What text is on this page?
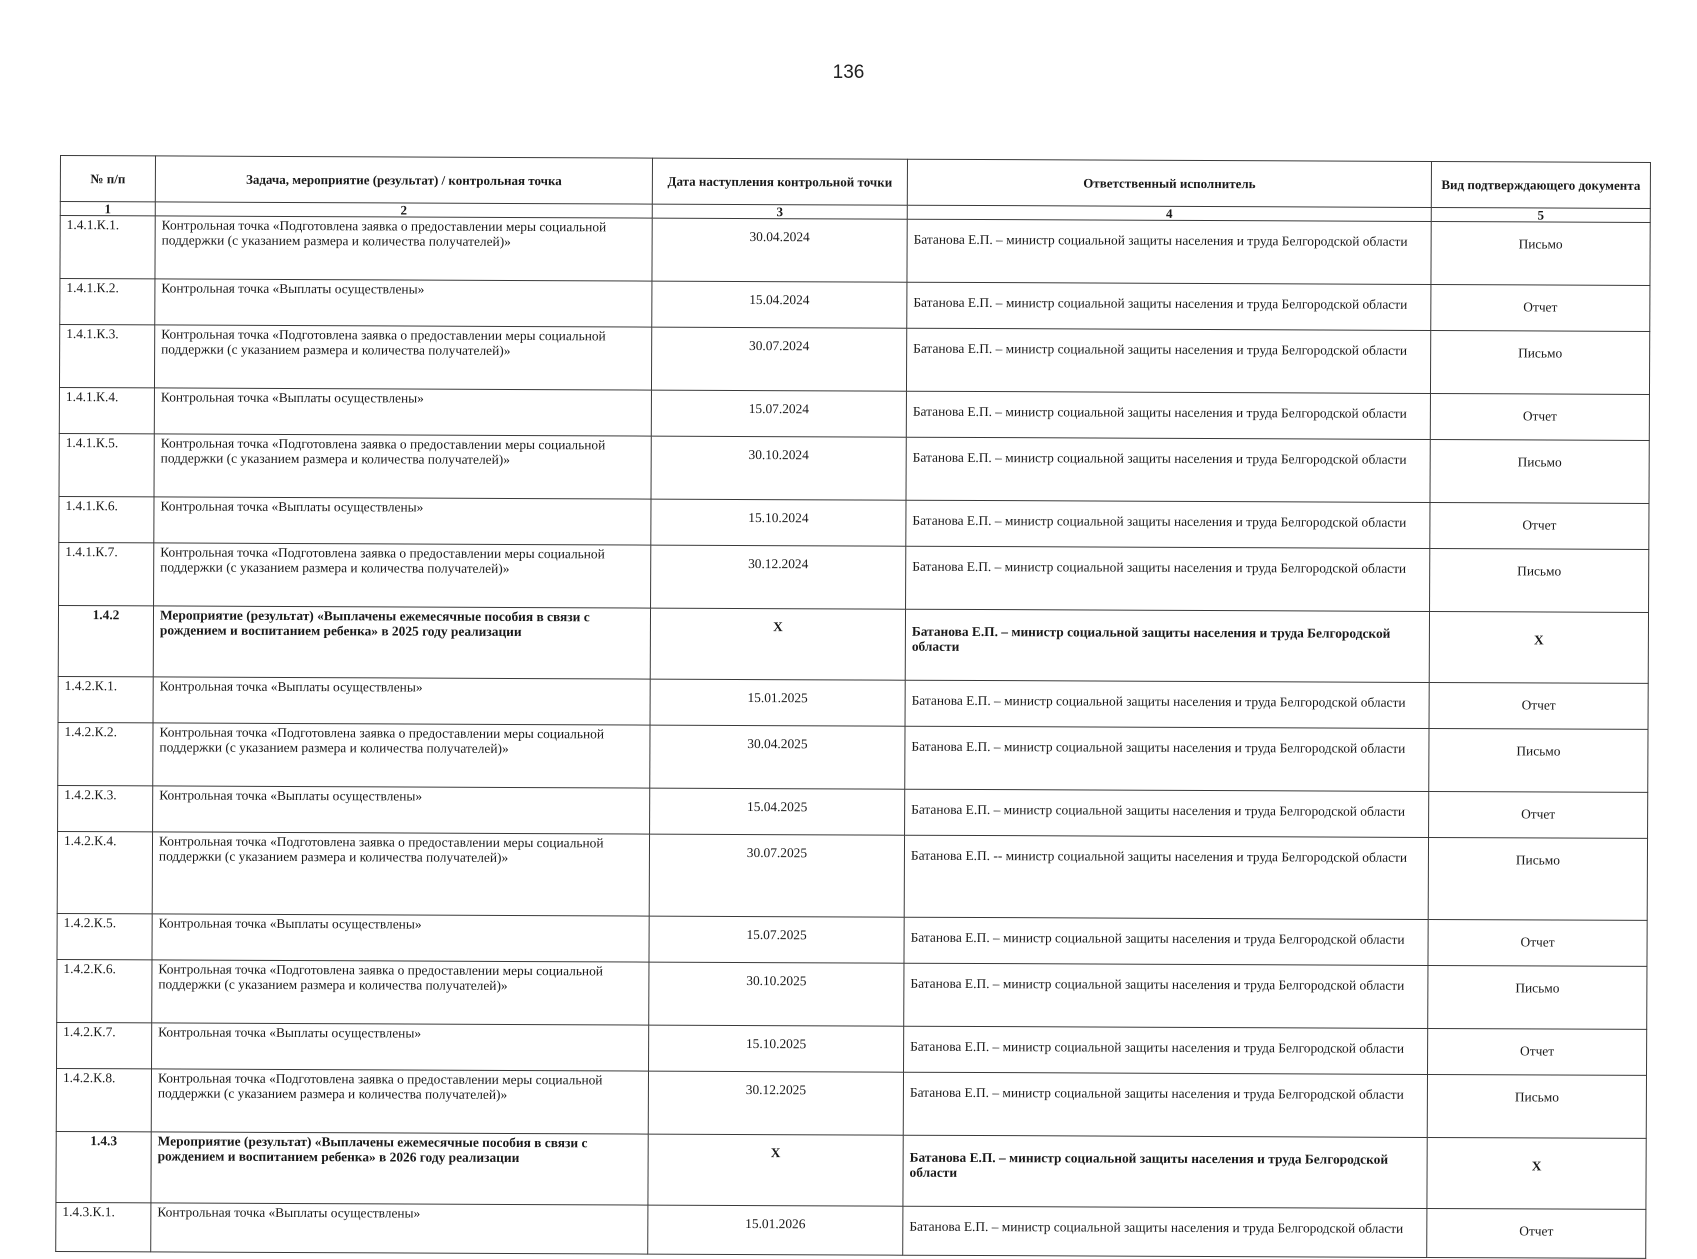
136
№ п/п	Задача, мероприятие (результат) / контрольная точка	Дата наступления контрольной точки	Ответственный исполнитель	Вид подтверждающего документа
1	2	3	4	5
1.4.1.К.1.	Контрольная точка «Подготовлена заявка о предоставлении меры социальной поддержки (с указанием размера и количества получателей)»	30.04.2024	Батанова Е.П. – министр социальной защиты населения и труда Белгородской области	Письмо
1.4.1.К.2.	Контрольная точка «Выплаты осуществлены»	15.04.2024	Батанова Е.П. – министр социальной защиты населения и труда Белгородской области	Отчет
1.4.1.К.3.	Контрольная точка «Подготовлена заявка о предоставлении меры социальной поддержки (с указанием размера и количества получателей)»	30.07.2024	Батанова Е.П. – министр социальной защиты населения и труда Белгородской области	Письмо
1.4.1.К.4.	Контрольная точка «Выплаты осуществлены»	15.07.2024	Батанова Е.П. – министр социальной защиты населения и труда Белгородской области	Отчет
1.4.1.К.5.	Контрольная точка «Подготовлена заявка о предоставлении меры социальной поддержки (с указанием размера и количества получателей)»	30.10.2024	Батанова Е.П. – министр социальной защиты населения и труда Белгородской области	Письмо
1.4.1.К.6.	Контрольная точка «Выплаты осуществлены»	15.10.2024	Батанова Е.П. – министр социальной защиты населения и труда Белгородской области	Отчет
1.4.1.К.7.	Контрольная точка «Подготовлена заявка о предоставлении меры социальной поддержки (с указанием размера и количества получателей)»	30.12.2024	Батанова Е.П. – министр социальной защиты населения и труда Белгородской области	Письмо
1.4.2	Мероприятие (результат) «Выплачены ежемесячные пособия в связи с рождением и воспитанием ребенка» в 2025 году реализации	X	Батанова Е.П. – министр социальной защиты населения и труда Белгородской области	X
1.4.2.К.1.	Контрольная точка «Выплаты осуществлены»	15.01.2025	Батанова Е.П. – министр социальной защиты населения и труда Белгородской области	Отчет
1.4.2.К.2.	Контрольная точка «Подготовлена заявка о предоставлении меры социальной поддержки (с указанием размера и количества получателей)»	30.04.2025	Батанова Е.П. – министр социальной защиты населения и труда Белгородской области	Письмо
1.4.2.К.3.	Контрольная точка «Выплаты осуществлены»	15.04.2025	Батанова Е.П. – министр социальной защиты населения и труда Белгородской области	Отчет
1.4.2.К.4.	Контрольная точка «Подготовлена заявка о предоставлении меры социальной поддержки (с указанием размера и количества получателей)»	30.07.2025	Батанова Е.П. -- министр социальной защиты населения и труда Белгородской области	Письмо
1.4.2.К.5.	Контрольная точка «Выплаты осуществлены»	15.07.2025	Батанова Е.П. – министр социальной защиты населения и труда Белгородской области	Отчет
1.4.2.К.6.	Контрольная точка «Подготовлена заявка о предоставлении меры социальной поддержки (с указанием размера и количества получателей)»	30.10.2025	Батанова Е.П. – министр социальной защиты населения и труда Белгородской области	Письмо
1.4.2.К.7.	Контрольная точка «Выплаты осуществлены»	15.10.2025	Батанова Е.П. – министр социальной защиты населения и труда Белгородской области	Отчет
1.4.2.К.8.	Контрольная точка «Подготовлена заявка о предоставлении меры социальной поддержки (с указанием размера и количества получателей)»	30.12.2025	Батанова Е.П. – министр социальной защиты населения и труда Белгородской области	Письмо
1.4.3	Мероприятие (результат) «Выплачены ежемесячные пособия в связи с рождением и воспитанием ребенка» в 2026 году реализации	X	Батанова Е.П. – министр социальной защиты населения и труда Белгородской области	X
1.4.3.К.1.	Контрольная точка «Выплаты осуществлены»	15.01.2026	Батанова Е.П. – министр социальной защиты населения и труда Белгородской области	Отчет
